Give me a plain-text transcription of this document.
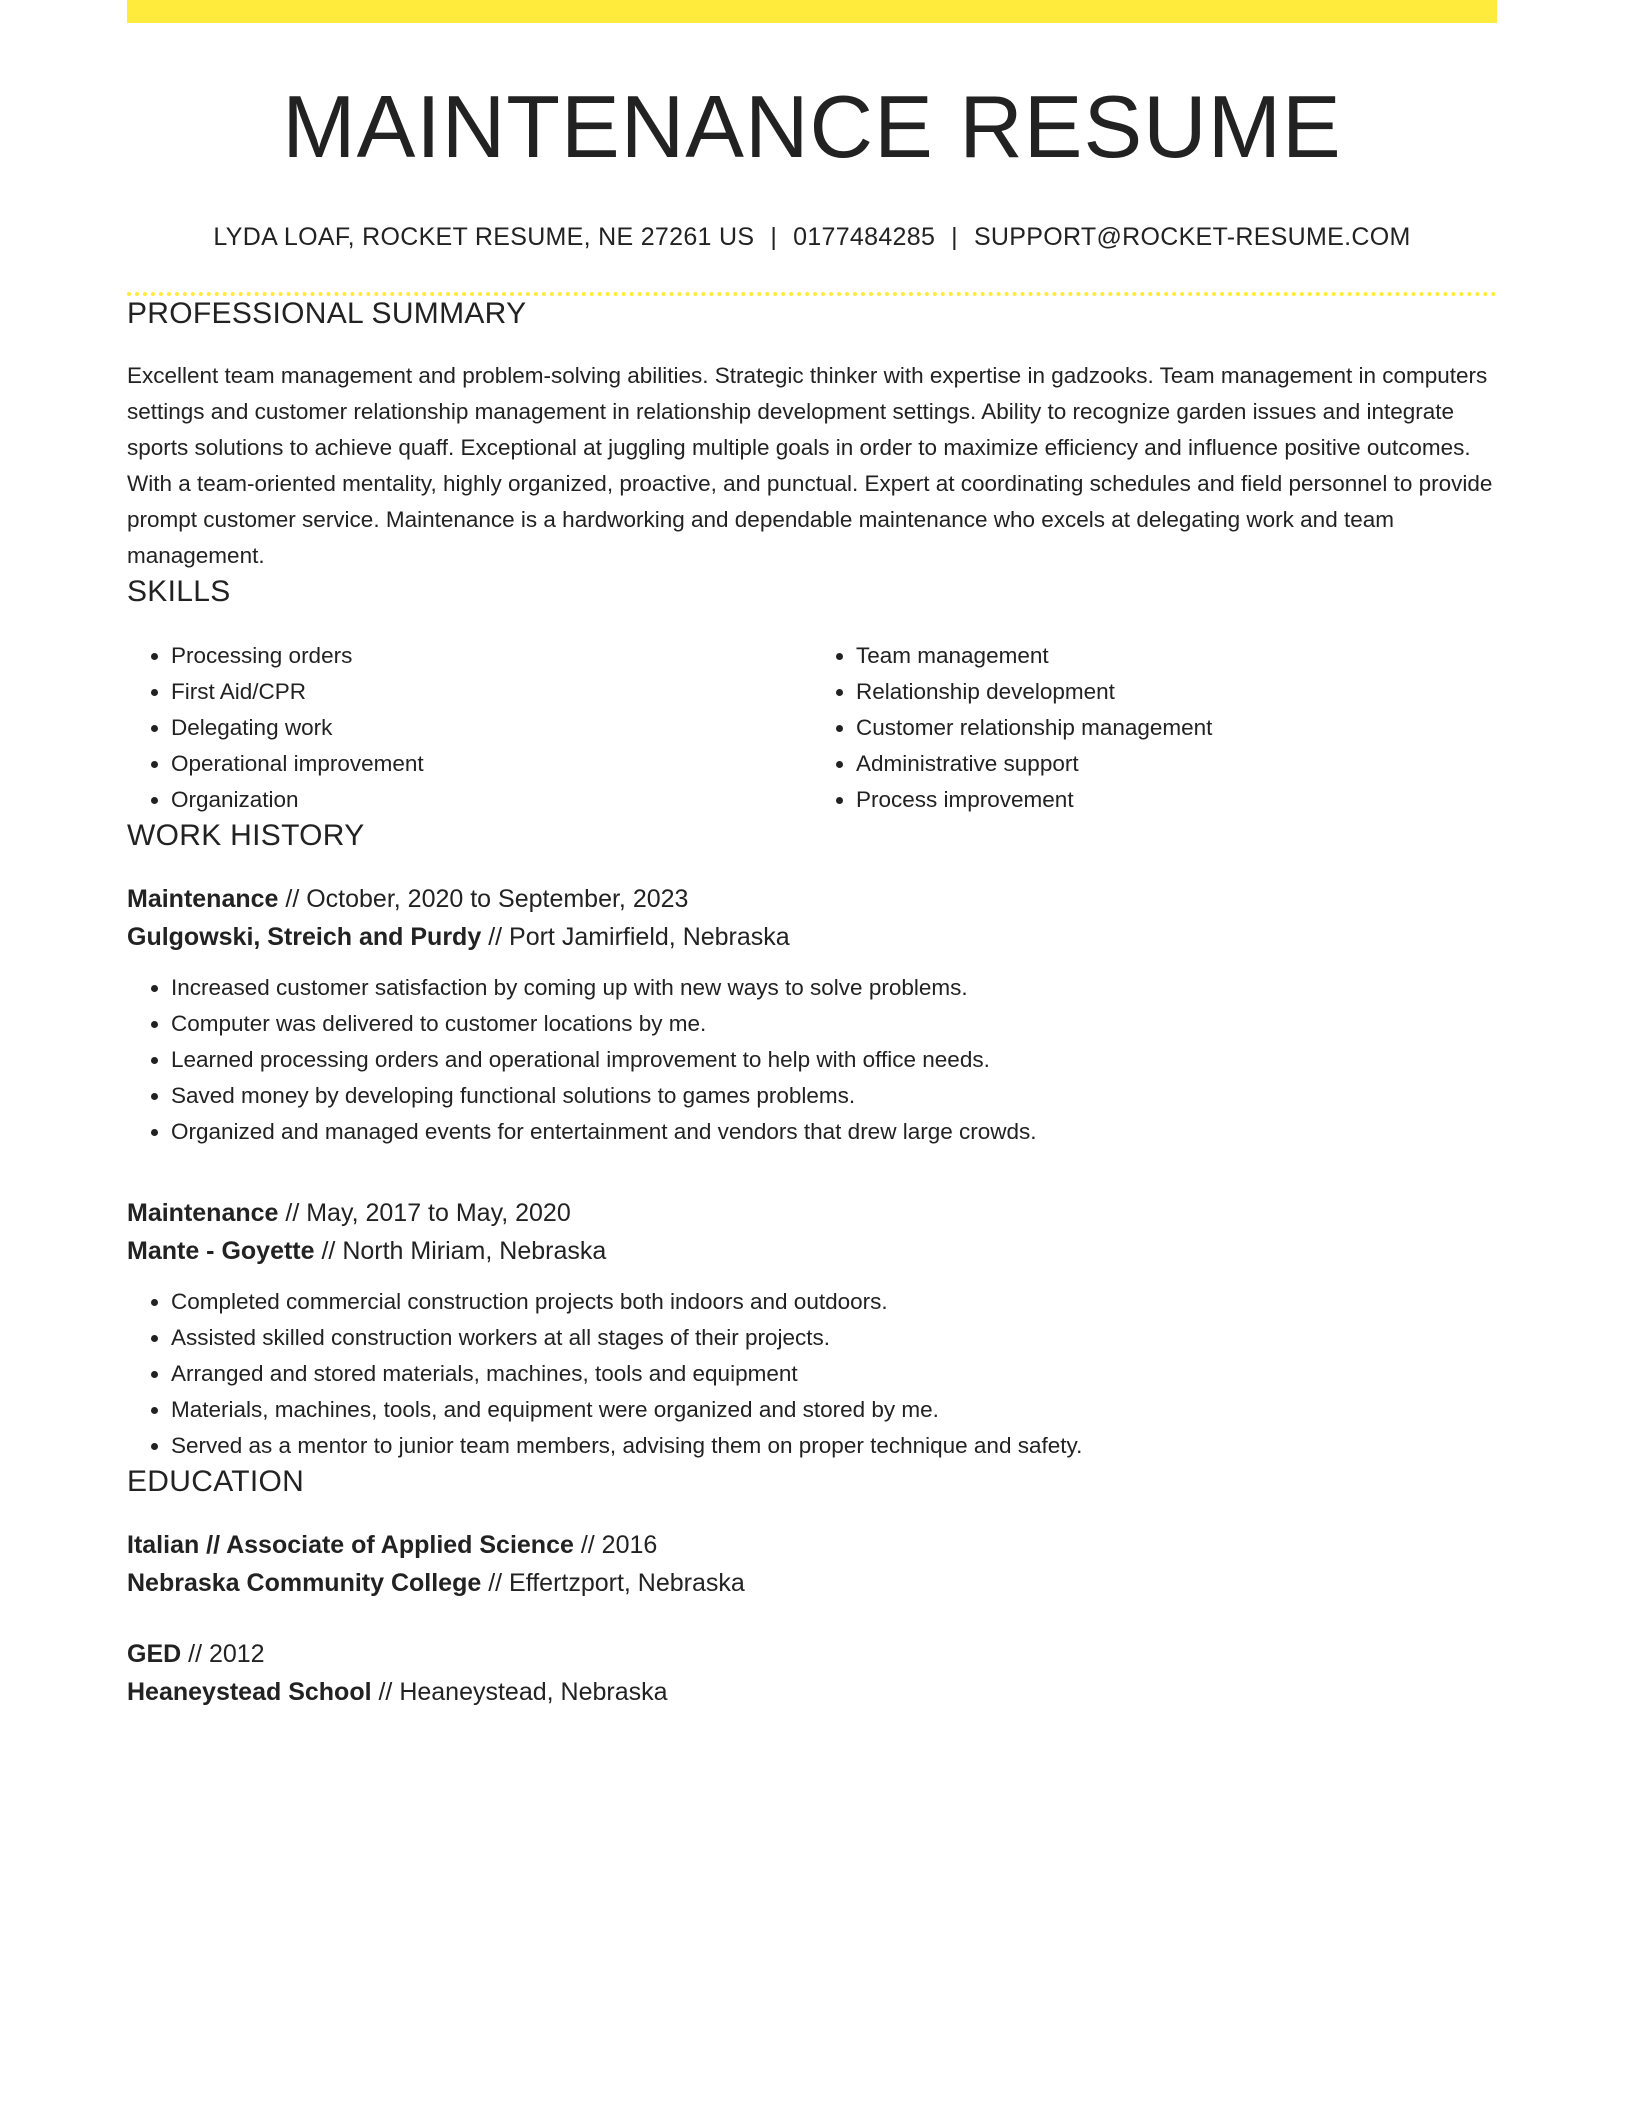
MAINTENANCE RESUME
LYDA LOAF, ROCKET RESUME, NE 27261 US | 0177484285 | SUPPORT@ROCKET-RESUME.COM
PROFESSIONAL SUMMARY

Excellent team management and problem-solving abilities. Strategic thinker with expertise in gadzooks. Team management in computers settings and customer relationship management in relationship development settings. Ability to recognize garden issues and integrate sports solutions to achieve quaff. Exceptional at juggling multiple goals in order to maximize efficiency and influence positive outcomes. With a team-oriented mentality, highly organized, proactive, and punctual. Expert at coordinating schedules and field personnel to provide prompt customer service. Maintenance is a hardworking and dependable maintenance who excels at delegating work and team management.

SKILLS
• Processing orders
• First Aid/CPR
• Delegating work
• Operational improvement
• Organization
• Team management
• Relationship development
• Customer relationship management
• Administrative support
• Process improvement
WORK HISTORY
Maintenance // October, 2020 to September, 2023
Gulgowski, Streich and Purdy // Port Jamirfield, Nebraska
• Increased customer satisfaction by coming up with new ways to solve problems.
• Computer was delivered to customer locations by me.
• Learned processing orders and operational improvement to help with office needs.
• Saved money by developing functional solutions to games problems.
• Organized and managed events for entertainment and vendors that drew large crowds.
Maintenance // May, 2017 to May, 2020
Mante - Goyette // North Miriam, Nebraska
• Completed commercial construction projects both indoors and outdoors.
• Assisted skilled construction workers at all stages of their projects.
• Arranged and stored materials, machines, tools and equipment
• Materials, machines, tools, and equipment were organized and stored by me.
• Served as a mentor to junior team members, advising them on proper technique and safety.
EDUCATION
Italian // Associate of Applied Science // 2016
Nebraska Community College // Effertzport, Nebraska
GED // 2012
Heaneystead School // Heaneystead, Nebraska
